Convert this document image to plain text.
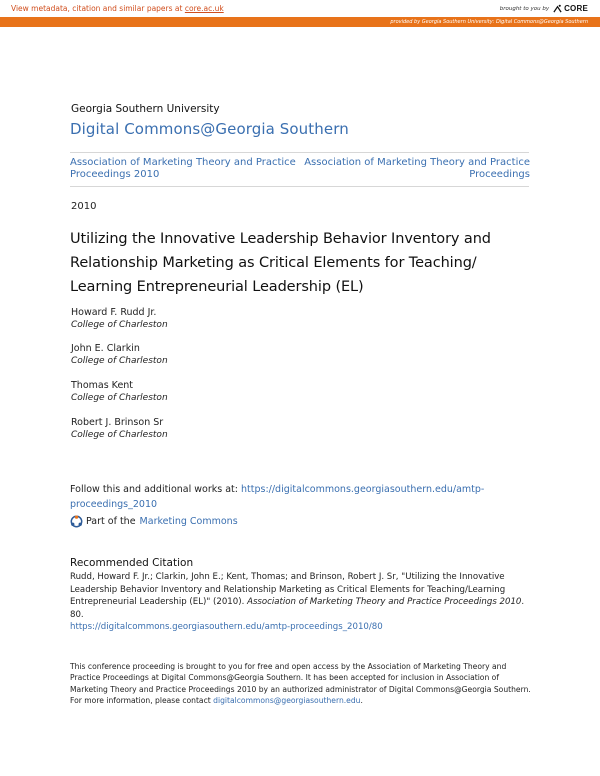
View metadata, citation and similar papers at core.ac.uk	brought to you by CORE
provided by Georgia Southern University: Digital Commons@Georgia Southern
Georgia Southern University
Digital Commons@Georgia Southern
Association of Marketing Theory and Practice Proceedings 2010
Association of Marketing Theory and Practice Proceedings
2010
Utilizing the Innovative Leadership Behavior Inventory and Relationship Marketing as Critical Elements for Teaching/ Learning Entrepreneurial Leadership (EL)
Howard F. Rudd Jr.
College of Charleston
John E. Clarkin
College of Charleston
Thomas Kent
College of Charleston
Robert J. Brinson Sr
College of Charleston
Follow this and additional works at: https://digitalcommons.georgiasouthern.edu/amtp-proceedings_2010
Part of the Marketing Commons
Recommended Citation
Rudd, Howard F. Jr.; Clarkin, John E.; Kent, Thomas; and Brinson, Robert J. Sr, "Utilizing the Innovative Leadership Behavior Inventory and Relationship Marketing as Critical Elements for Teaching/Learning Entrepreneurial Leadership (EL)" (2010). Association of Marketing Theory and Practice Proceedings 2010. 80.
https://digitalcommons.georgiasouthern.edu/amtp-proceedings_2010/80
This conference proceeding is brought to you for free and open access by the Association of Marketing Theory and Practice Proceedings at Digital Commons@Georgia Southern. It has been accepted for inclusion in Association of Marketing Theory and Practice Proceedings 2010 by an authorized administrator of Digital Commons@Georgia Southern. For more information, please contact digitalcommons@georgiasouthern.edu.
